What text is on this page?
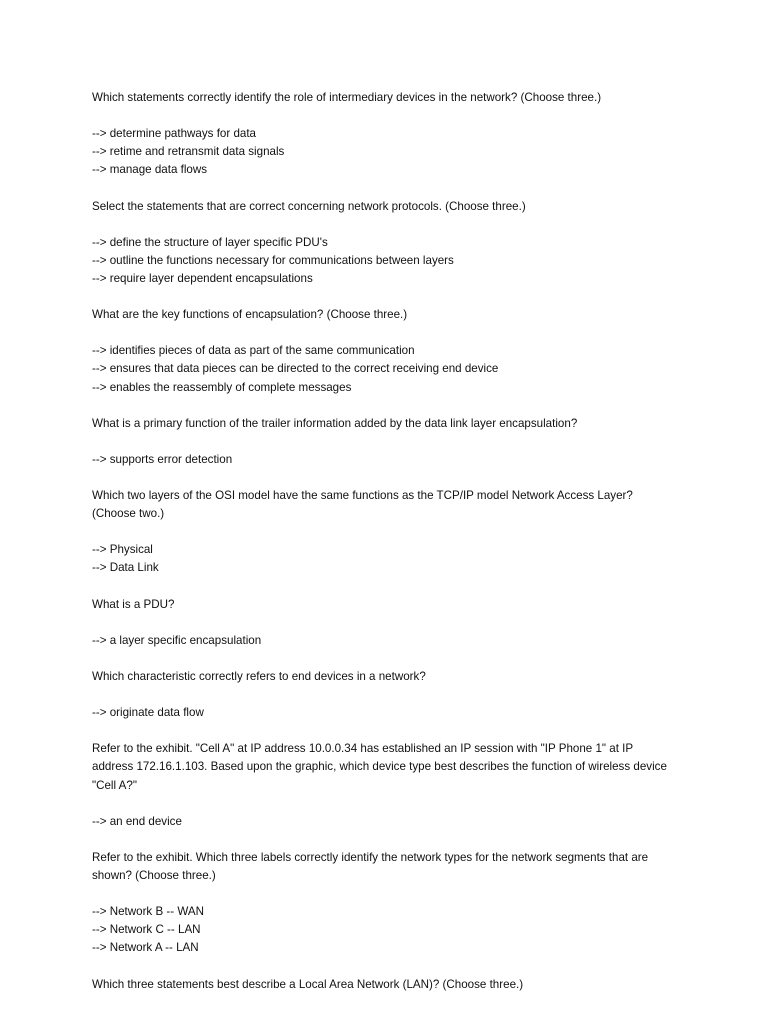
Which statements correctly identify the role of intermediary devices in the network? (Choose three.)

--> determine pathways for data

--> retime and retransmit data signals

--> manage data flows

Select the statements that are correct concerning network protocols. (Choose three.)

--> define the structure of layer specific PDU's

--> outline the functions necessary for communications between layers

--> require layer dependent encapsulations

What are the key functions of encapsulation? (Choose three.)

--> identifies pieces of data as part of the same communication

--> ensures that data pieces can be directed to the correct receiving end device

--> enables the reassembly of complete messages

What is a primary function of the trailer information added by the data link layer encapsulation?

--> supports error detection

Which two layers of the OSI model have the same functions as the TCP/IP model Network Access Layer?
(Choose two.)

--> Physical

--> Data Link

What is a PDU?

--> a layer specific encapsulation

Which characteristic correctly refers to end devices in a network?

--> originate data flow

Refer to the exhibit. "Cell A" at IP address 10.0.0.34 has established an IP session with "IP Phone 1" at IP
address 172.16.1.103. Based upon the graphic, which device type best describes the function of wireless device
"Cell A?"

--> an end device

Refer to the exhibit. Which three labels correctly identify the network types for the network segments that are
shown? (Choose three.)

--> Network B -- WAN

--> Network C -- LAN

--> Network A -- LAN

Which three statements best describe a Local Area Network (LAN)? (Choose three.)
